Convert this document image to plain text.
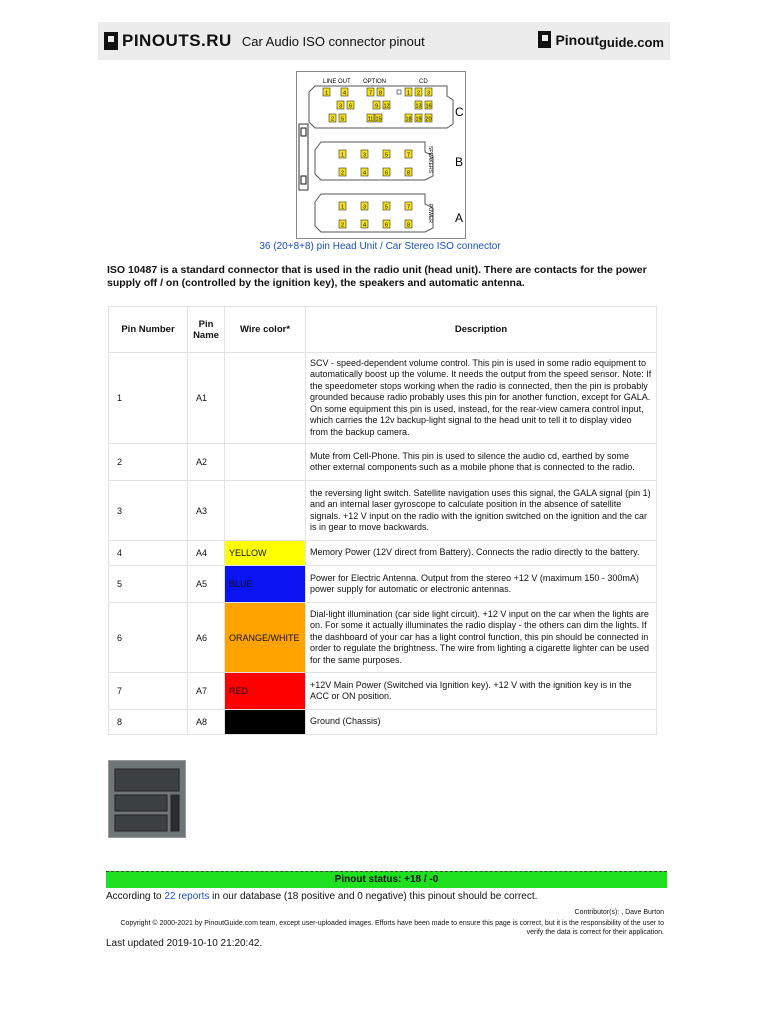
PINOUTS.RU Car Audio ISO connector pinout	Pinout guide.com
1	4	7 8	1 2 3
3 6	9 12	13 16
2 5	11 15	18 19 20
1	3	5	7
2	4	6	8
1	3	5	7
2	4	6	8
LINE OUT OPTION	CD
C
B
A
SPEAKERS
POWER
36 (20+8+8) pin Head Unit / Car Stereo ISO connector
ISO 10487 is a standard connector that is used in the radio unit (head unit). There are contacts for the power supply off / on (controlled by the ignition key), the speakers and automatic antenna.
Pin Number	Pin Name	Wire color*	Description
1	A1		SCV - speed-dependent volume control. This pin is used in some radio equipment to automatically boost up the volume. It needs the output from the speed sensor. Note: If the speedometer stops working when the radio is connected, then the pin is probably grounded because radio probably uses this pin for another function, except for GALA. On some equipment this pin is used, instead, for the rear-view camera control input, which carries the 12v backup-light signal to the head unit to tell it to display video from the backup camera.
2	A2		Mute from Cell-Phone. This pin is used to silence the audio cd, earthed by some other external components such as a mobile phone that is connected to the radio.
3	A3		the reversing light switch. Satellite navigation uses this signal, the GALA signal (pin 1) and an internal laser gyroscope to calculate position in the absence of satellite signals. +12 V input on the radio with the ignition switched on the ignition and the car is in gear to move backwards.
4	A4	YELLOW	Memory Power (12V direct from Battery). Connects the radio directly to the battery.
5	A5	BLUE	Power for Electric Antenna. Output from the stereo +12 V (maximum 150 - 300mA) power supply for automatic or electronic antennas.
6	A6	ORANGE/WHITE	Dial-light illumination (car side light circuit). +12 V input on the car when the lights are on. For some it actually illuminates the radio display - the others can dim the lights. If the dashboard of your car has a light control function, this pin should be connected in order to regulate the brightness. The wire from lighting a cigarette lighter can be used for the same purposes.
7	A7	RED	+12V Main Power (Switched via Ignition key). +12 V with the ignition key is in the ACC or ON position.
8	A8		Ground (Chassis)
Pinout status: +18 / -0
According to 22 reports in our database (18 positive and 0 negative) this pinout should be correct.
Contributor(s): , Dave Burton
Copyright © 2000-2021 by PinoutGuide.com team, except user-uploaded images. Efforts have been made to ensure this page is correct, but it is the responsibility of the user to verify the data is correct for their application.
Last updated 2019-10-10 21:20:42.
